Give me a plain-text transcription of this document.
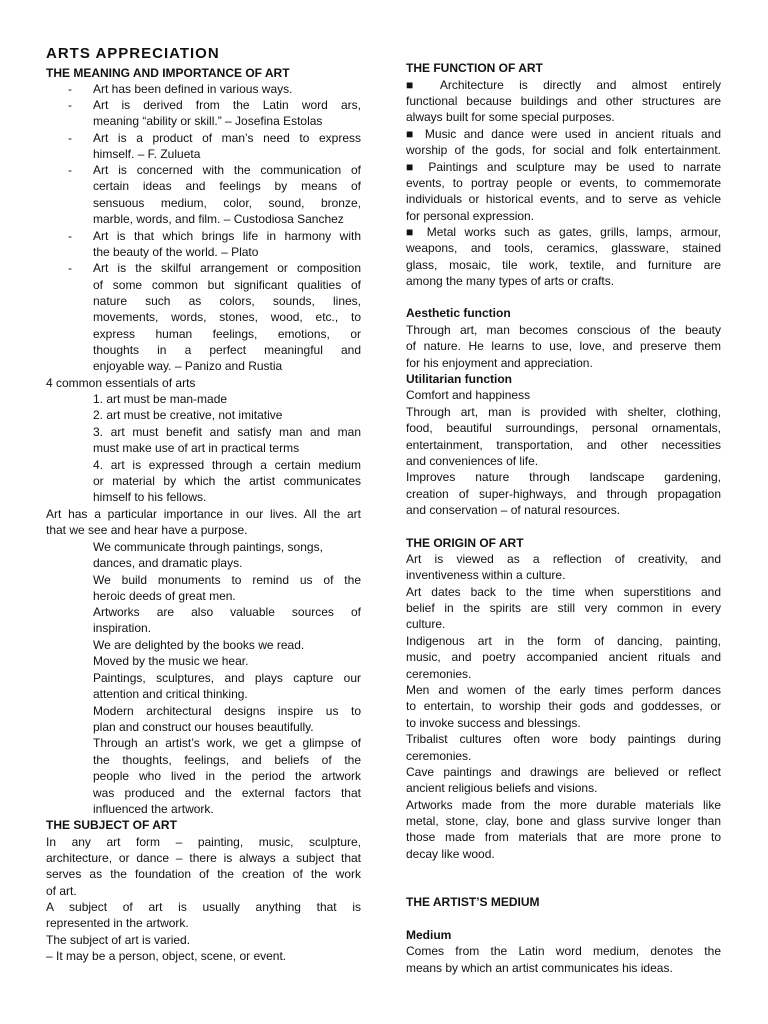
ARTS APPRECIATION
THE MEANING AND IMPORTANCE OF ART
- Art has been defined in various ways.
- Art is derived from the Latin word ars,
meaning “ability or skill.” – Josefina Estolas
- Art is a product of man’s need to express
himself. – F. Zulueta
- Art is concerned with the communication of
certain ideas and feelings by means of
sensuous medium, color, sound, bronze,
marble, words, and film. – Custodiosa Sanchez
- Art is that which brings life in harmony with
the beauty of the world. – Plato
- Art is the skilful arrangement or composition
of some common but significant qualities of
nature such as colors, sounds, lines,
movements, words, stones, wood, etc., to
express human feelings, emotions, or
thoughts in a perfect meaningful and
enjoyable way. – Panizo and Rustia
4 common essentials of arts
1. art must be man-made
2. art must be creative, not imitative
3. art must benefit and satisfy man and man
must make use of art in practical terms
4. art is expressed through a certain medium
or material by which the artist communicates
himself to his fellows.
Art has a particular importance in our lives. All the art
that we see and hear have a purpose.
We communicate through paintings, songs,
dances, and dramatic plays.
We build monuments to remind us of the
heroic deeds of great men.
Artworks are also valuable sources of
inspiration.
We are delighted by the books we read.
Moved by the music we hear.
Paintings, sculptures, and plays capture our
attention and critical thinking.
Modern architectural designs inspire us to
plan and construct our houses beautifully.
Through an artist’s work, we get a glimpse of
the thoughts, feelings, and beliefs of the
people who lived in the period the artwork
was produced and the external factors that
influenced the artwork.
THE SUBJECT OF ART
In any art form – painting, music, sculpture,
architecture, or dance – there is always a subject that
serves as the foundation of the creation of the work
of art.
A subject of art is usually anything that is
represented in the artwork.
The subject of art is varied.
– It may be a person, object, scene, or event.
THE FUNCTION OF ART
■ Architecture is directly and almost entirely
functional because buildings and other structures are
always built for some special purposes.
■ Music and dance were used in ancient rituals and
worship of the gods, for social and folk entertainment.
■ Paintings and sculpture may be used to narrate
events, to portray people or events, to commemorate
individuals or historical events, and to serve as vehicle
for personal expression.
■ Metal works such as gates, grills, lamps, armour,
weapons, and tools, ceramics, glassware, stained
glass, mosaic, tile work, textile, and furniture are
among the many types of arts or crafts.
Aesthetic function
Through art, man becomes conscious of the beauty
of nature. He learns to use, love, and preserve them
for his enjoyment and appreciation.
Utilitarian function
Comfort and happiness
Through art, man is provided with shelter, clothing,
food, beautiful surroundings, personal ornamentals,
entertainment, transportation, and other necessities
and conveniences of life.
Improves nature through landscape gardening,
creation of super-highways, and through propagation
and conservation – of natural resources.
THE ORIGIN OF ART
Art is viewed as a reflection of creativity, and
inventiveness within a culture.
Art dates back to the time when superstitions and
belief in the spirits are still very common in every
culture.
Indigenous art in the form of dancing, painting,
music, and poetry accompanied ancient rituals and
ceremonies.
Men and women of the early times perform dances
to entertain, to worship their gods and goddesses, or
to invoke success and blessings.
Tribalist cultures often wore body paintings during
ceremonies.
Cave paintings and drawings are believed or reflect
ancient religious beliefs and visions.
Artworks made from the more durable materials like
metal, stone, clay, bone and glass survive longer than
those made from materials that are more prone to
decay like wood.
THE ARTIST’S MEDIUM
Medium
Comes from the Latin word medium, denotes the
means by which an artist communicates his ideas.
